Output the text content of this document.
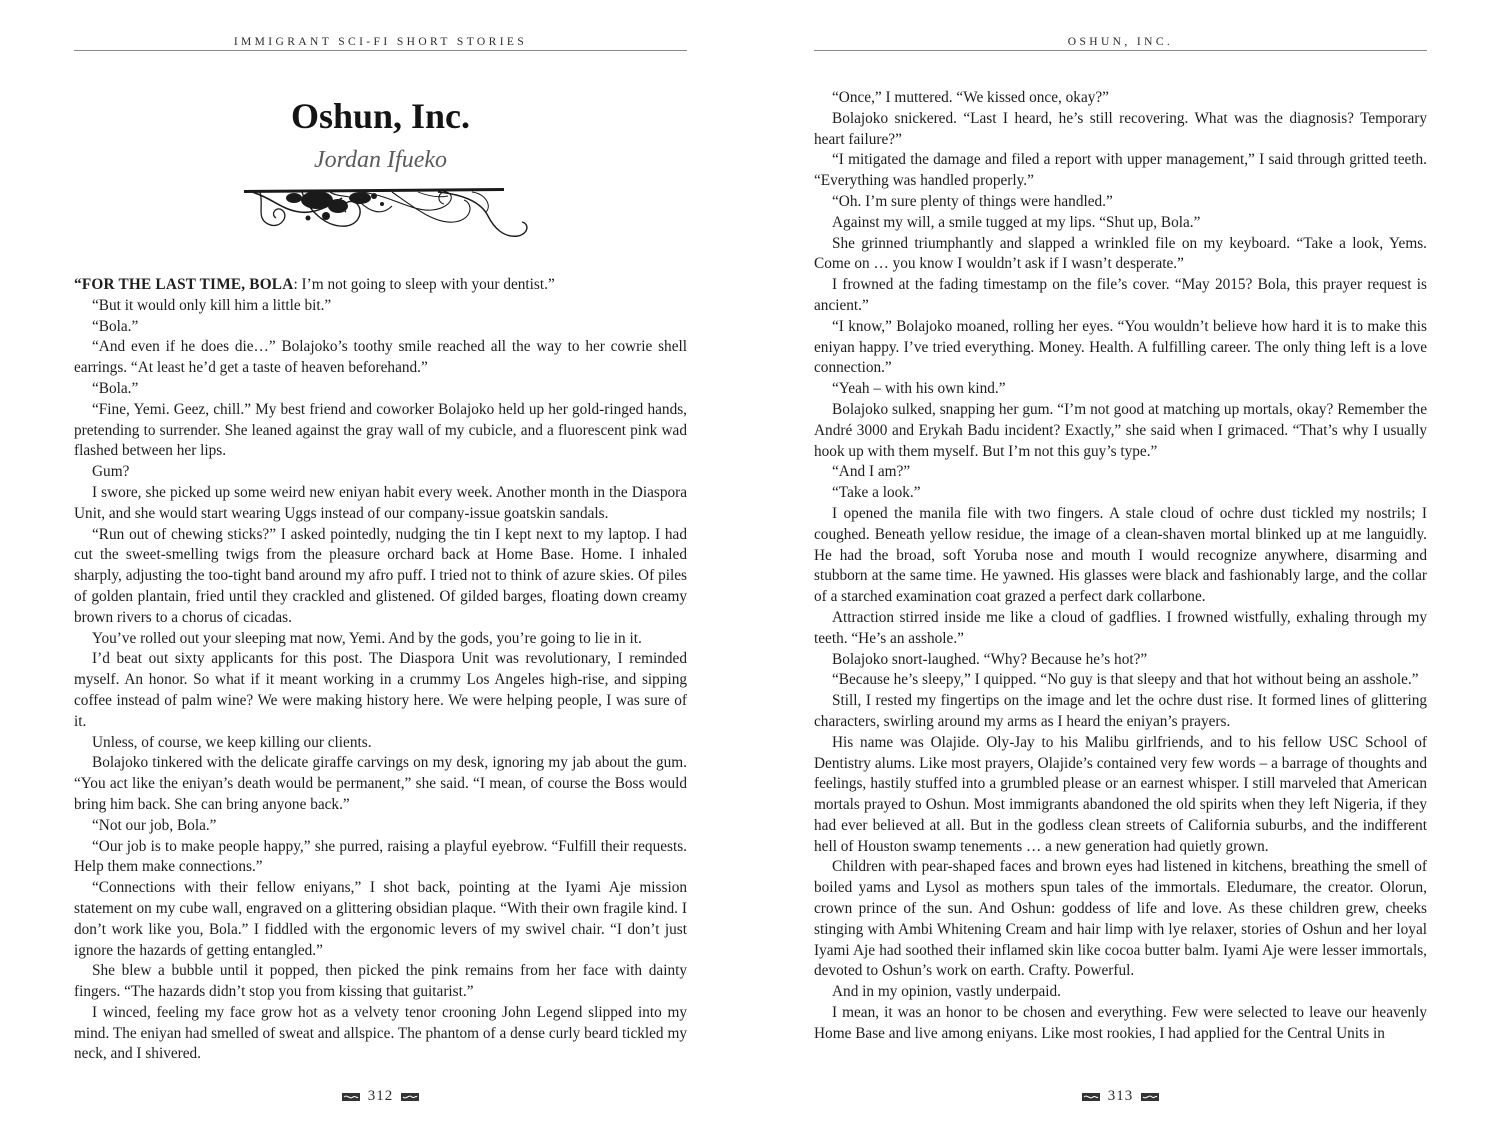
IMMIGRANT SCI-FI SHORT STORIES
Oshun, Inc.
Jordan Ifueko

“FOR THE LAST TIME, BOLA: I’m not going to sleep with your dentist.”

“But it would only kill him a little bit.”

“Bola.”

“And even if he does die…” Bolajoko’s toothy smile reached all the way to her cowrie shell earrings. “At least he’d get a taste of heaven beforehand.”

“Bola.”

“Fine, Yemi. Geez, chill.” My best friend and coworker Bolajoko held up her gold-ringed hands, pretending to surrender. She leaned against the gray wall of my cubicle, and a fluorescent pink wad flashed between her lips.

Gum?

I swore, she picked up some weird new eniyan habit every week. Another month in the Diaspora Unit, and she would start wearing Uggs instead of our company-issue goatskin sandals.

“Run out of chewing sticks?” I asked pointedly, nudging the tin I kept next to my laptop. I had cut the sweet-smelling twigs from the pleasure orchard back at Home Base. Home. I inhaled sharply, adjusting the too-tight band around my afro puff. I tried not to think of azure skies. Of piles of golden plantain, fried until they crackled and glistened. Of gilded barges, floating down creamy brown rivers to a chorus of cicadas.

You’ve rolled out your sleeping mat now, Yemi. And by the gods, you’re going to lie in it.

I’d beat out sixty applicants for this post. The Diaspora Unit was revolutionary, I reminded myself. An honor. So what if it meant working in a crummy Los Angeles high-rise, and sipping coffee instead of palm wine? We were making history here. We were helping people, I was sure of it.

Unless, of course, we keep killing our clients.

Bolajoko tinkered with the delicate giraffe carvings on my desk, ignoring my jab about the gum. “You act like the eniyan’s death would be permanent,” she said. “I mean, of course the Boss would bring him back. She can bring anyone back.”

“Not our job, Bola.”

“Our job is to make people happy,” she purred, raising a playful eyebrow. “Fulfill their requests. Help them make connections.”

“Connections with their fellow eniyans,” I shot back, pointing at the Iyami Aje mission statement on my cube wall, engraved on a glittering obsidian plaque. “With their own fragile kind. I don’t work like you, Bola.” I fiddled with the ergonomic levers of my swivel chair. “I don’t just ignore the hazards of getting entangled.”

She blew a bubble until it popped, then picked the pink remains from her face with dainty fingers. “The hazards didn’t stop you from kissing that guitarist.”

I winced, feeling my face grow hot as a velvety tenor crooning John Legend slipped into my mind. The eniyan had smelled of sweat and allspice. The phantom of a dense curly beard tickled my neck, and I shivered.

312
OSHUN, INC.

“Once,” I muttered. “We kissed once, okay?”

Bolajoko snickered. “Last I heard, he’s still recovering. What was the diagnosis? Temporary heart failure?”

“I mitigated the damage and filed a report with upper management,” I said through gritted teeth. “Everything was handled properly.”

“Oh. I’m sure plenty of things were handled.”

Against my will, a smile tugged at my lips. “Shut up, Bola.”

She grinned triumphantly and slapped a wrinkled file on my keyboard. “Take a look, Yems. Come on … you know I wouldn’t ask if I wasn’t desperate.”

I frowned at the fading timestamp on the file’s cover. “May 2015? Bola, this prayer request is ancient.”

“I know,” Bolajoko moaned, rolling her eyes. “You wouldn’t believe how hard it is to make this eniyan happy. I’ve tried everything. Money. Health. A fulfilling career. The only thing left is a love connection.”

“Yeah – with his own kind.”

Bolajoko sulked, snapping her gum. “I’m not good at matching up mortals, okay? Remember the André 3000 and Erykah Badu incident? Exactly,” she said when I grimaced. “That’s why I usually hook up with them myself. But I’m not this guy’s type.”

“And I am?”

“Take a look.”

I opened the manila file with two fingers. A stale cloud of ochre dust tickled my nostrils; I coughed. Beneath yellow residue, the image of a clean-shaven mortal blinked up at me languidly. He had the broad, soft Yoruba nose and mouth I would recognize anywhere, disarming and stubborn at the same time. He yawned. His glasses were black and fashionably large, and the collar of a starched examination coat grazed a perfect dark collarbone.

Attraction stirred inside me like a cloud of gadflies. I frowned wistfully, exhaling through my teeth. “He’s an asshole.”

Bolajoko snort-laughed. “Why? Because he’s hot?”

“Because he’s sleepy,” I quipped. “No guy is that sleepy and that hot without being an asshole.”

Still, I rested my fingertips on the image and let the ochre dust rise. It formed lines of glittering characters, swirling around my arms as I heard the eniyan’s prayers.

His name was Olajide. Oly-Jay to his Malibu girlfriends, and to his fellow USC School of Dentistry alums. Like most prayers, Olajide’s contained very few words – a barrage of thoughts and feelings, hastily stuffed into a grumbled please or an earnest whisper. I still marveled that American mortals prayed to Oshun. Most immigrants abandoned the old spirits when they left Nigeria, if they had ever believed at all. But in the godless clean streets of California suburbs, and the indifferent hell of Houston swamp tenements … a new generation had quietly grown.

Children with pear-shaped faces and brown eyes had listened in kitchens, breathing the smell of boiled yams and Lysol as mothers spun tales of the immortals. Eledumare, the creator. Olorun, crown prince of the sun. And Oshun: goddess of life and love. As these children grew, cheeks stinging with Ambi Whitening Cream and hair limp with lye relaxer, stories of Oshun and her loyal Iyami Aje had soothed their inflamed skin like cocoa butter balm. Iyami Aje were lesser immortals, devoted to Oshun’s work on earth. Crafty. Powerful.

And in my opinion, vastly underpaid.

I mean, it was an honor to be chosen and everything. Few were selected to leave our heavenly Home Base and live among eniyans. Like most rookies, I had applied for the Central Units in

313
